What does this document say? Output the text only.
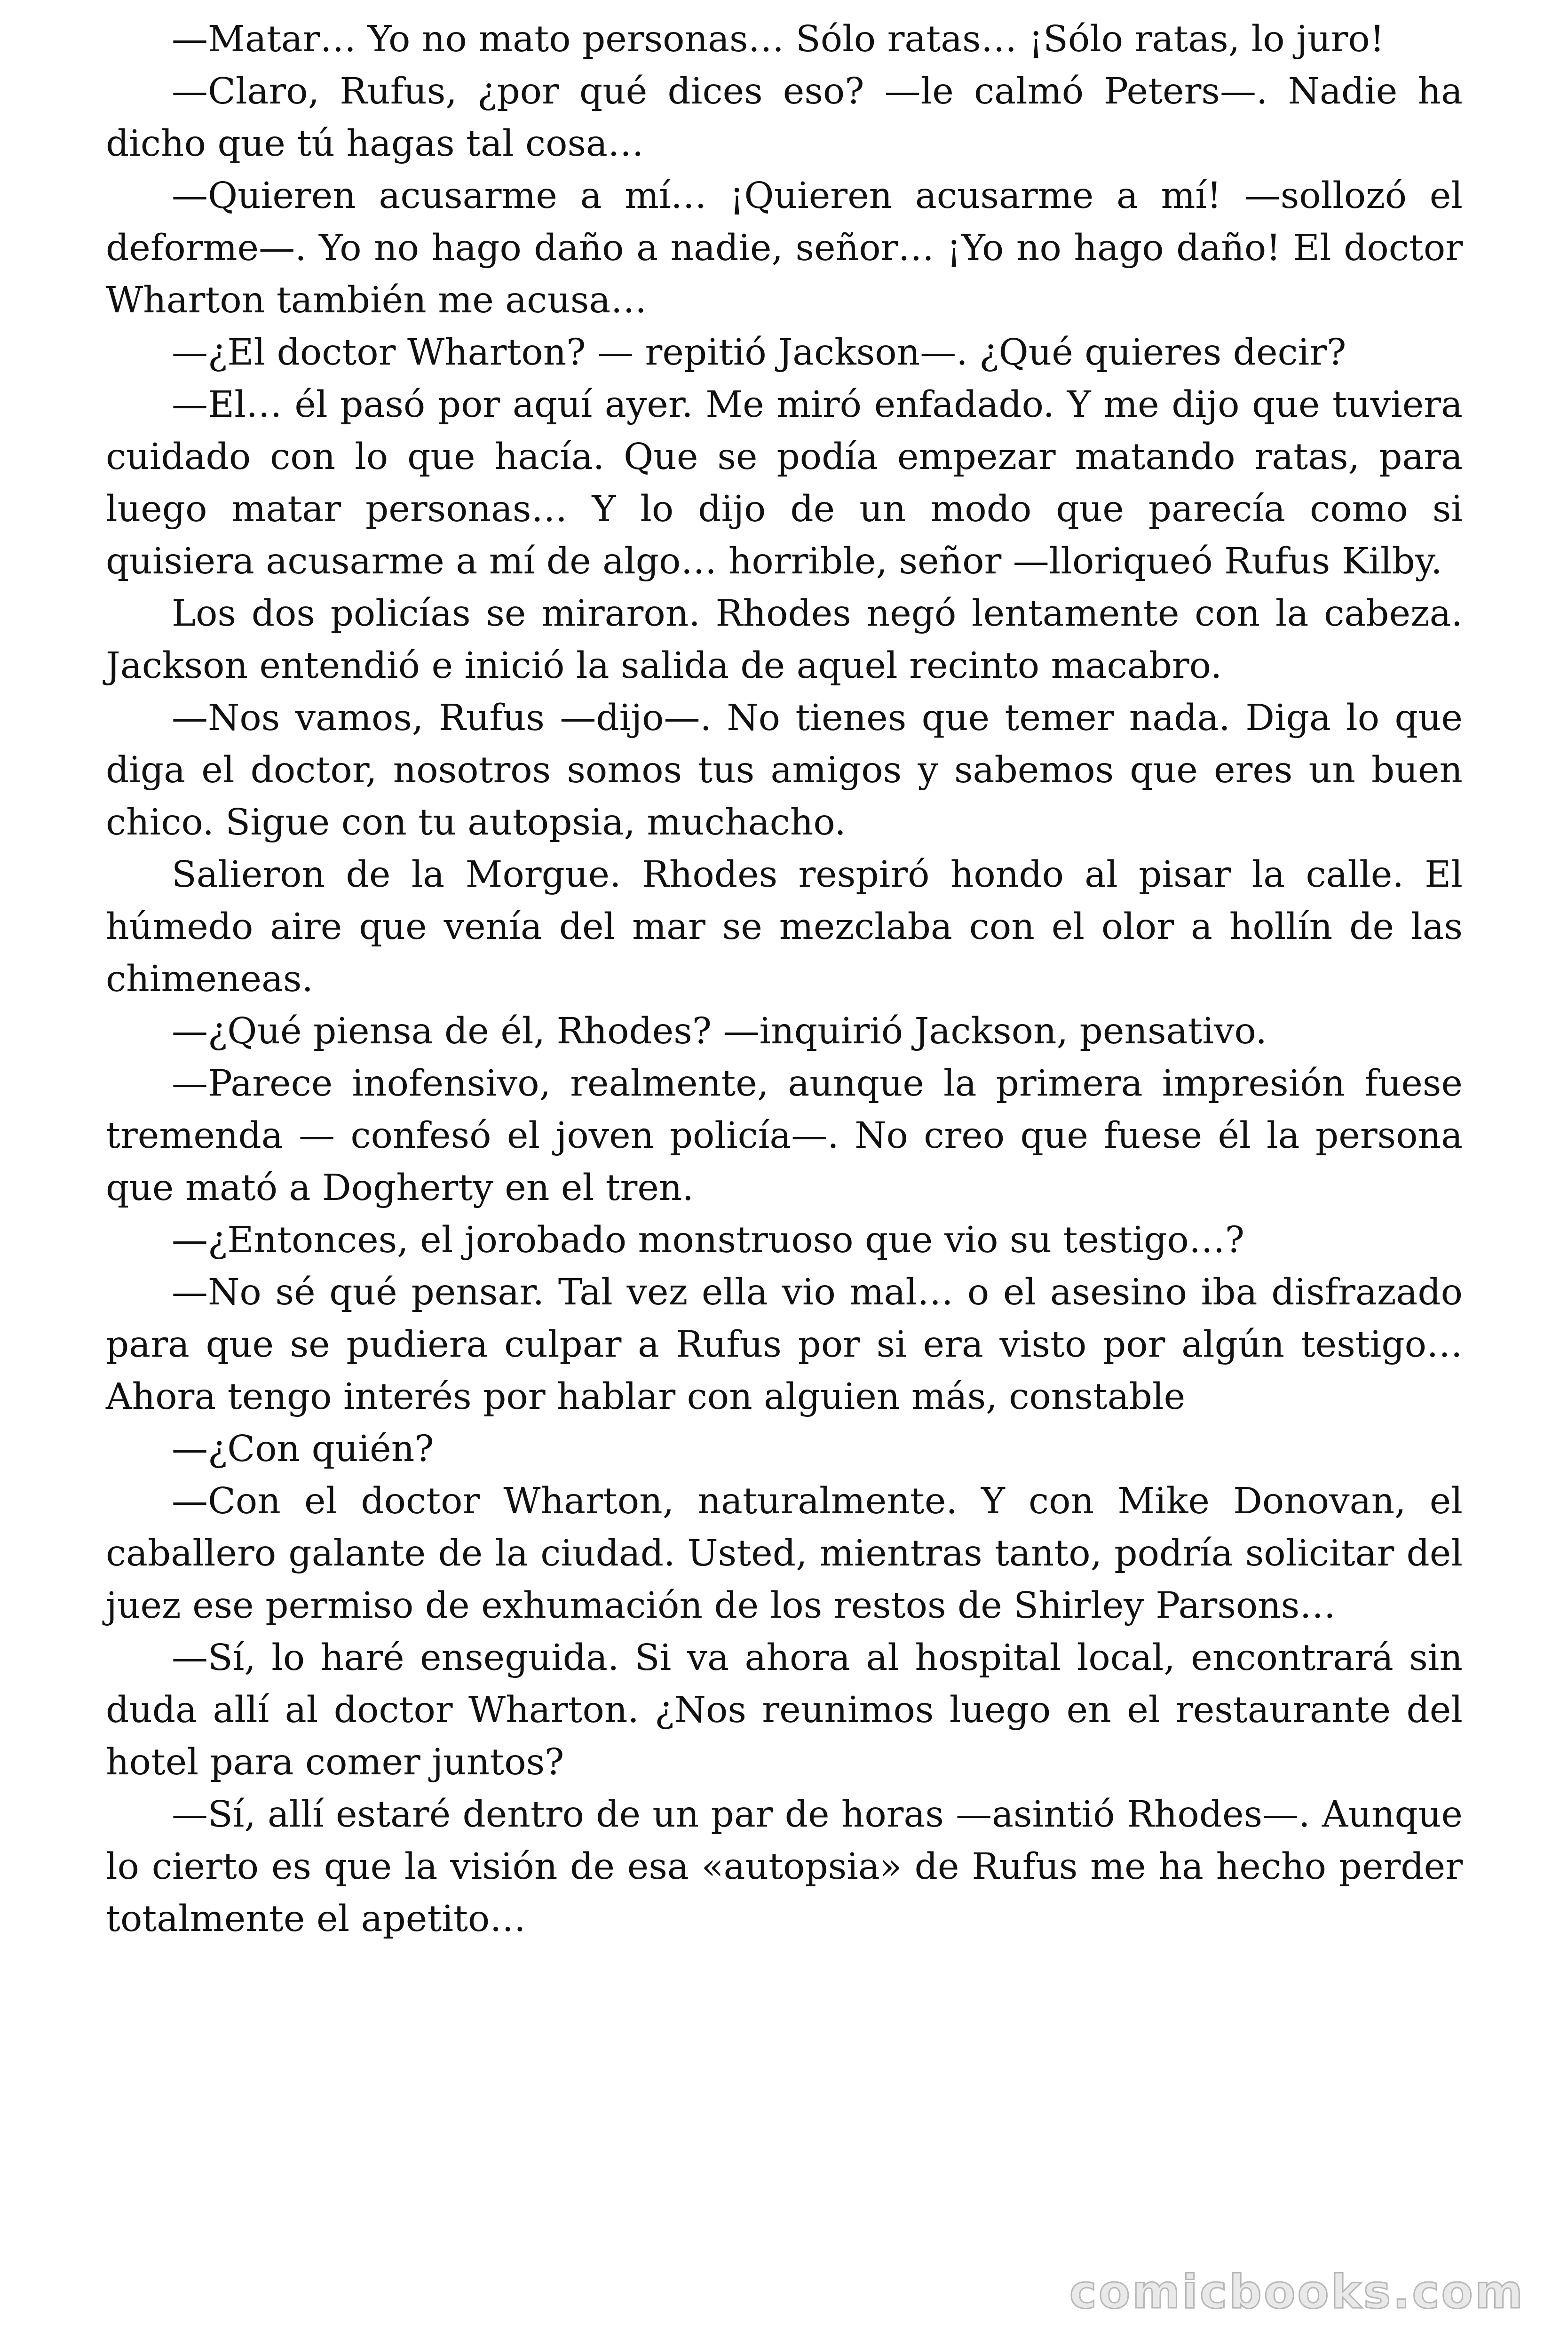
—Matar… Yo no mato personas… Sólo ratas… ¡Sólo ratas, lo juro!

—Claro, Rufus, ¿por qué dices eso? —le calmó Peters—. Nadie ha dicho que tú hagas tal cosa…

—Quieren acusarme a mí… ¡Quieren acusarme a mí! —sollozó el deforme—. Yo no hago daño a nadie, señor… ¡Yo no hago daño! El doctor Wharton también me acusa…

—¿El doctor Wharton? — repitió Jackson—. ¿Qué quieres decir?

—El… él pasó por aquí ayer. Me miró enfadado. Y me dijo que tuviera cuidado con lo que hacía. Que se podía empezar matando ratas, para luego matar personas… Y lo dijo de un modo que parecía como si quisiera acusarme a mí de algo… horrible, señor —lloriqueó Rufus Kilby.

Los dos policías se miraron. Rhodes negó lentamente con la cabeza. Jackson entendió e inició la salida de aquel recinto macabro.

—Nos vamos, Rufus —dijo—. No tienes que temer nada. Diga lo que diga el doctor, nosotros somos tus amigos y sabemos que eres un buen chico. Sigue con tu autopsia, muchacho.

Salieron de la Morgue. Rhodes respiró hondo al pisar la calle. El húmedo aire que venía del mar se mezclaba con el olor a hollín de las chimeneas.

—¿Qué piensa de él, Rhodes? —inquirió Jackson, pensativo.

—Parece inofensivo, realmente, aunque la primera impresión fuese tremenda — confesó el joven policía—. No creo que fuese él la persona que mató a Dogherty en el tren.

—¿Entonces, el jorobado monstruoso que vio su testigo…?

—No sé qué pensar. Tal vez ella vio mal… o el asesino iba disfrazado para que se pudiera culpar a Rufus por si era visto por algún testigo… Ahora tengo interés por hablar con alguien más, constable

—¿Con quién?

—Con el doctor Wharton, naturalmente. Y con Mike Donovan, el caballero galante de la ciudad. Usted, mientras tanto, podría solicitar del juez ese permiso de exhumación de los restos de Shirley Parsons…

—Sí, lo haré enseguida. Si va ahora al hospital local, encontrará sin duda allí al doctor Wharton. ¿Nos reunimos luego en el restaurante del hotel para comer juntos?

—Sí, allí estaré dentro de un par de horas —asintió Rhodes—. Aunque lo cierto es que la visión de esa «autopsia» de Rufus me ha hecho perder totalmente el apetito…

comicbooks.com
